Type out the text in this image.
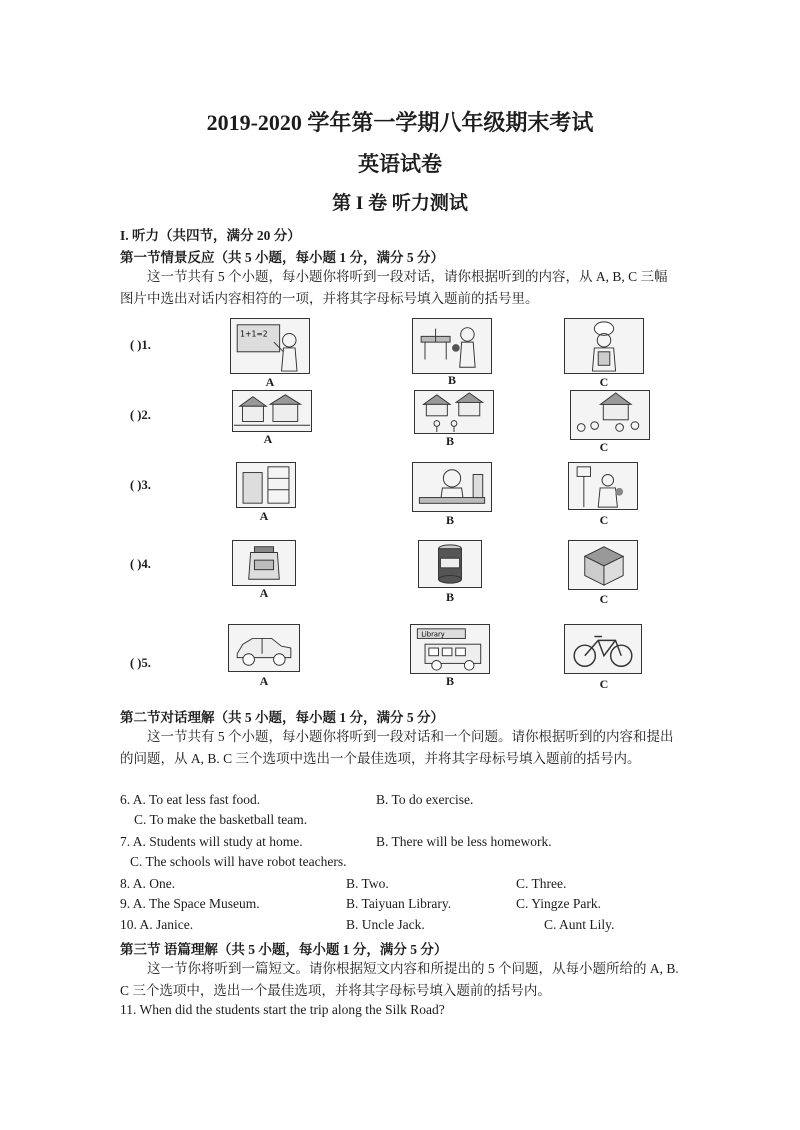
2019-2020 学年第一学期八年级期末考试
英语试卷
第 I 卷 听力测试
I. 听力（共四节，满分 20 分）
第一节情景反应（共 5 小题，每小题 1 分，满分 5 分）
这一节共有 5 个小题，每小题你将听到一段对话，请你根据听到的内容，从 A, B, C 三幅图片中选出对话内容相符的一项，并将其字母标号填入题前的括号里。
( )1.
1+1=2
A	B	C
( )2.
A	B	C
( )3.
A	B	C
( )4.
A	B	C
( )5.
A
Library
B	C
第二节对话理解（共 5 小题，每小题 1 分，满分 5 分）
这一节共有 5 个小题，每小题你将听到一段对话和一个问题。请你根据听到的内容和提出的问题，从 A, B. C 三个选项中选出一个最佳选项，并将其字母标号填入题前的括号内。
6. A. To eat less fast food.	B. To do exercise.
C. To make the basketball team.
7. A. Students will study at home.	B. There will be less homework.
C. The schools will have robot teachers.
8. A. One.	B. Two.	C. Three.
9. A. The Space Museum.	B. Taiyuan Library.	C. Yingze Park.
10. A. Janice.	B. Uncle Jack.	C. Aunt Lily.
第三节 语篇理解（共 5 小题，每小题 1 分，满分 5 分）
这一节你将听到一篇短文。请你根据短文内容和所提出的 5 个问题，从每小题所给的 A, B. C 三个选项中，选出一个最佳选项，并将其字母标号填入题前的括号内。
11. When did the students start the trip along the Silk Road?
